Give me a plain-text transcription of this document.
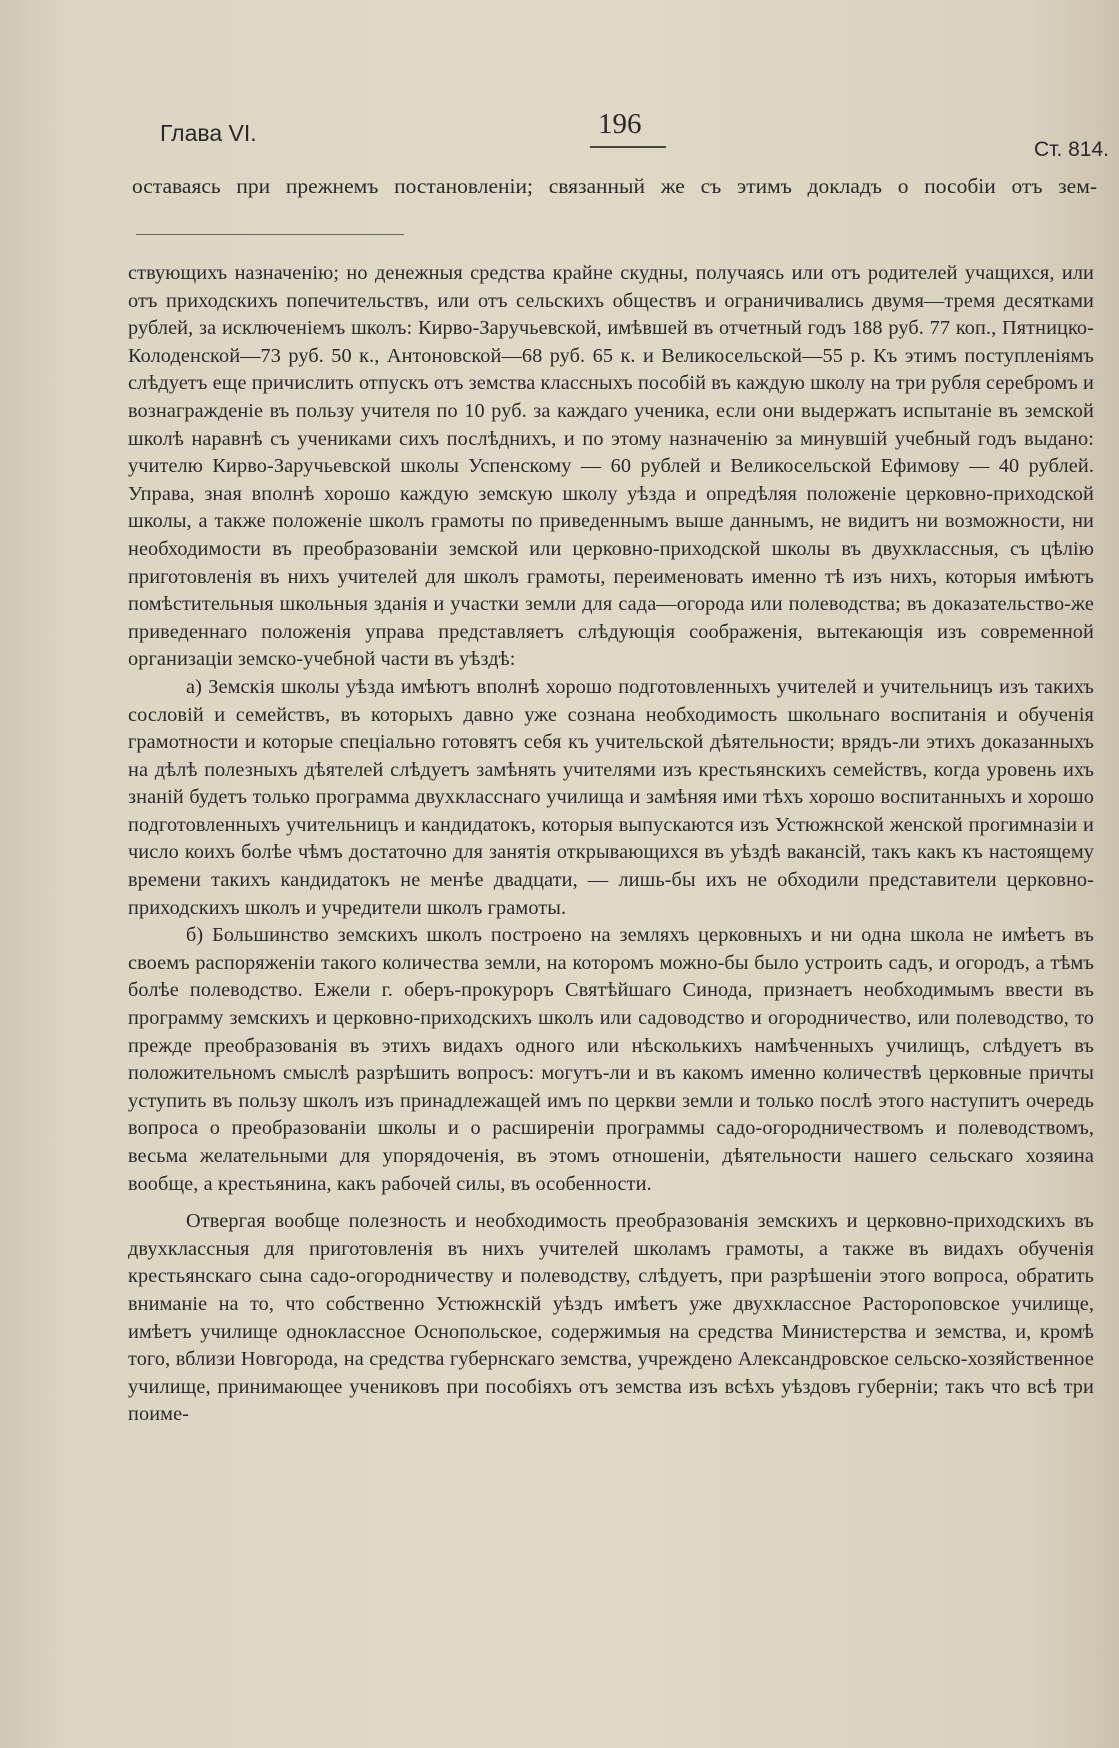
Глава VI.	196
Ст. 814.
оставаясь при прежнемъ постановленіи; связанный же съ этимъ докладъ о пособіи отъ зем-

ствующихъ назначенію; но денежныя средства крайне скудны, получаясь или отъ родителей учащихся, или отъ приходскихъ попечительствъ, или отъ сельскихъ обществъ и ограничивались двумя—тремя десятками рублей, за исключеніемъ школъ: Кирво-Заручьевской, имѣвшей въ отчетный годъ 188 руб. 77 коп., Пятницко-Колоденской—73 руб. 50 к., Антоновской—68 руб. 65 к. и Великосельской—55 р. Къ этимъ поступленіямъ слѣдуетъ еще причислить отпускъ отъ земства классныхъ пособій въ каждую школу на три рубля серебромъ и вознагражденіе въ пользу учителя по 10 руб. за каждаго ученика, если они выдержатъ испытаніе въ земской школѣ наравнѣ съ учениками сихъ послѣднихъ, и по этому назначенію за минувшій учебный годъ выдано: учителю Кирво-Заручьевской школы Успенскому — 60 рублей и Великосельской Ефимову — 40 рублей. Управа, зная вполнѣ хорошо каждую земскую школу уѣзда и опредѣляя положеніе церковно-приходской школы, а также положеніе школъ грамоты по приведеннымъ выше даннымъ, не видитъ ни возможности, ни необходимости въ преобразованіи земской или церковно-приходской школы въ двухклассныя, съ цѣлію приготовленія въ нихъ учителей для школъ грамоты, переименовать именно тѣ изъ нихъ, которыя имѣютъ помѣстительныя школьныя зданія и участки земли для сада—огорода или полеводства; въ доказательство-же приведеннаго положенія управа представляетъ слѣдующія соображенія, вытекающія изъ современной организаціи земско-учебной части въ уѣздѣ:

а) Земскія школы уѣзда имѣютъ вполнѣ хорошо подготовленныхъ учителей и учительницъ изъ такихъ сословій и семействъ, въ которыхъ давно уже сознана необходимость школьнаго воспитанія и обученія грамотности и которые спеціально готовятъ себя къ учительской дѣятельности; врядъ-ли этихъ доказанныхъ на дѣлѣ полезныхъ дѣятелей слѣдуетъ замѣнять учителями изъ крестьянскихъ семействъ, когда уровень ихъ знаній будетъ только программа двухкласснаго училища и замѣняя ими тѣхъ хорошо воспитанныхъ и хорошо подготовленныхъ учительницъ и кандидатокъ, которыя выпускаются изъ Устюжнской женской прогимназіи и число коихъ болѣе чѣмъ достаточно для занятія открывающихся въ уѣздѣ вакансій, такъ какъ къ настоящему времени такихъ кандидатокъ не менѣе двадцати, — лишь-бы ихъ не обходили представители церковно-приходскихъ школъ и учредители школъ грамоты.

б) Большинство земскихъ школъ построено на земляхъ церковныхъ и ни одна школа не имѣетъ въ своемъ распоряженіи такого количества земли, на которомъ можно-бы было устроить садъ, и огородъ, а тѣмъ болѣе полеводство. Ежели г. оберъ-прокуроръ Святѣйшаго Синода, признаетъ необходимымъ ввести въ программу земскихъ и церковно-приходскихъ школъ или садоводство и огородничество, или полеводство, то прежде преобразованія въ этихъ видахъ одного или нѣсколькихъ намѣченныхъ училищъ, слѣдуетъ въ положительномъ смыслѣ разрѣшить вопросъ: могутъ-ли и въ какомъ именно количествѣ церковные причты уступить въ пользу школъ изъ принадлежащей имъ по церкви земли и только послѣ этого наступитъ очередь вопроса о преобразованіи школы и о расширеніи программы садо-огородничествомъ и полеводствомъ, весьма желательными для упорядоченія, въ этомъ отношеніи, дѣятельности нашего сельскаго хозяина вообще, а крестьянина, какъ рабочей силы, въ особенности.

Отвергая вообще полезность и необходимость преобразованія земскихъ и церковно-приходскихъ въ двухклассныя для приготовленія въ нихъ учителей школамъ грамоты, а также въ видахъ обученія крестьянскаго сына садо-огородничеству и полеводству, слѣдуетъ, при разрѣшеніи этого вопроса, обратить вниманіе на то, что собственно Устюжнскій уѣздъ имѣетъ уже двухклассное Растороповское училище, имѣетъ училище одноклассное Оснопольское, содержимыя на средства Министерства и земства, и, кромѣ того, вблизи Новгорода, на средства губернскаго земства, учреждено Александровское сельско-хозяйственное училище, принимающее учениковъ при пособіяхъ отъ земства изъ всѣхъ уѣздовъ губерніи; такъ что всѣ три поиме-
